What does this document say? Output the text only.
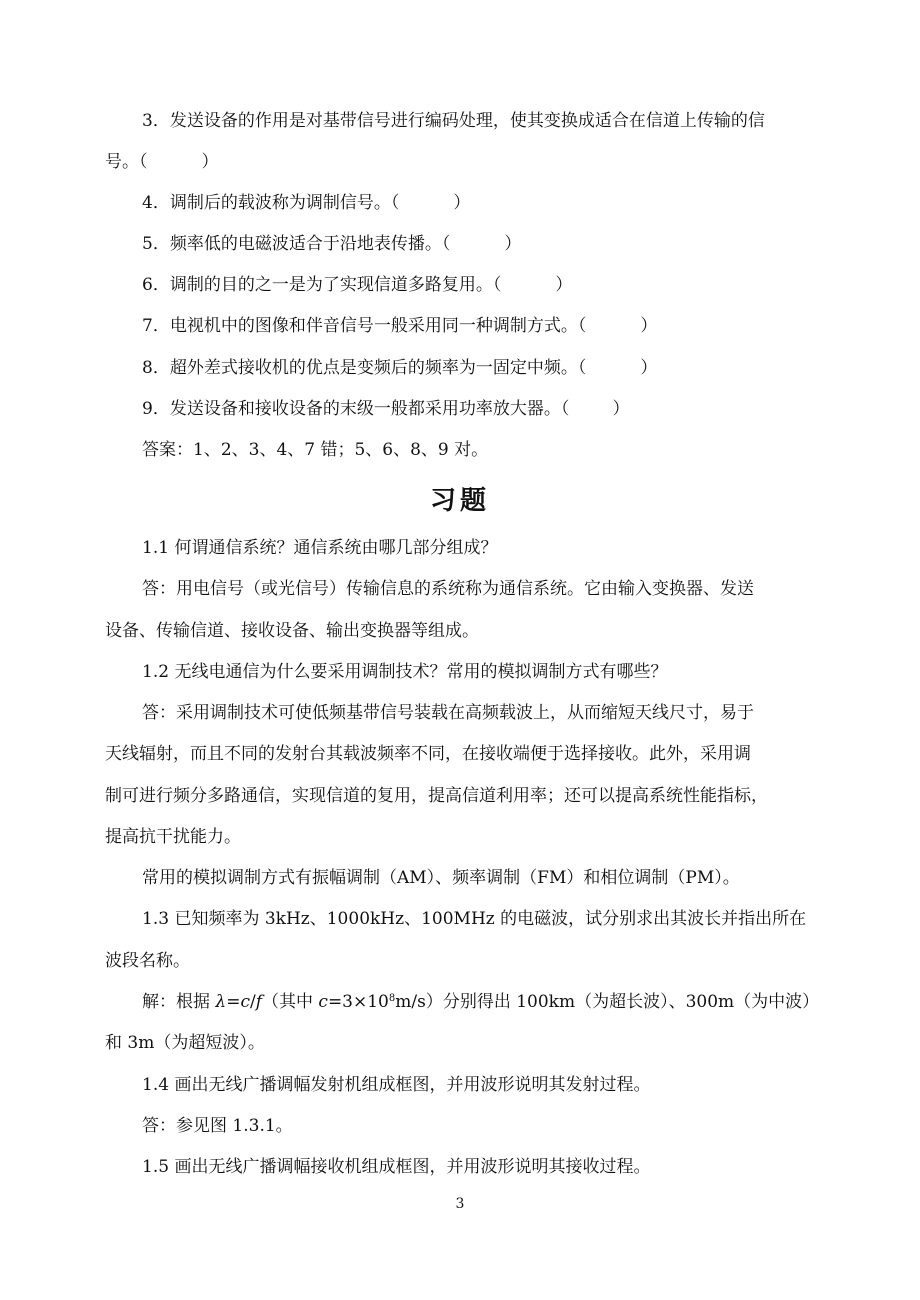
3．发送设备的作用是对基带信号进行编码处理，使其变换成适合在信道上传输的信
号。（          ）
4．调制后的载波称为调制信号。（          ）
5．频率低的电磁波适合于沿地表传播。（          ）
6．调制的目的之一是为了实现信道多路复用。（          ）
7．电视机中的图像和伴音信号一般采用同一种调制方式。（          ）
8．超外差式接收机的优点是变频后的频率为一固定中频。（          ）
9．发送设备和接收设备的末级一般都采用功率放大器。（        ）
答案：1、2、3、4、7 错；5、6、8、9 对。
习题
1.1 何谓通信系统？通信系统由哪几部分组成？
答：用电信号（或光信号）传输信息的系统称为通信系统。它由输入变换器、发送
设备、传输信道、接收设备、输出变换器等组成。
1.2 无线电通信为什么要采用调制技术？常用的模拟调制方式有哪些？
答：采用调制技术可使低频基带信号装载在高频载波上，从而缩短天线尺寸，易于
天线辐射，而且不同的发射台其载波频率不同，在接收端便于选择接收。此外，采用调
制可进行频分多路通信，实现信道的复用，提高信道利用率；还可以提高系统性能指标，
提高抗干扰能力。
常用的模拟调制方式有振幅调制（AM）、频率调制（FM）和相位调制（PM）。
1.3 已知频率为 3kHz、1000kHz、100MHz 的电磁波，试分别求出其波长并指出所在
波段名称。
解：根据 λ=c/f（其中 $c=3\times 10^8m/s$）分别得出 100km（为超长波）、300m（为中波）
和 3m（为超短波）。
1.4 画出无线广播调幅发射机组成框图，并用波形说明其发射过程。
答：参见图 1.3.1。
1.5 画出无线广播调幅接收机组成框图，并用波形说明其接收过程。
3
